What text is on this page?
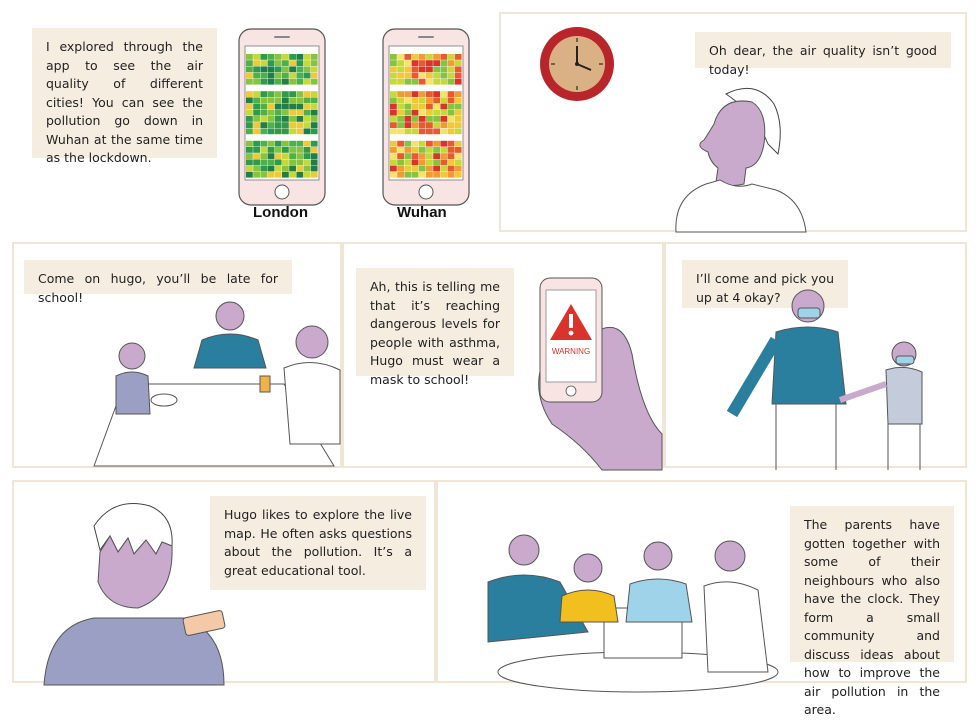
I explored through the app to see the air quality of different cities! You can see the pollution go down in Wuhan at the same time as the lockdown.
London	Wuhan
Oh dear, the air quality isn’t good today!
Come on hugo, you’ll be late for school!
Ah, this is telling me that it’s reaching dangerous levels for people with asthma, Hugo must wear a mask to school!
WARNING
I’ll come and pick you up at 4 okay?
Hugo likes to explore the live map. He often asks questions about the pollution. It’s a great educational tool.
The parents have gotten together with some of their neighbours who also have the clock. They form a small community and discuss ideas about how to improve the air pollution in the area.
